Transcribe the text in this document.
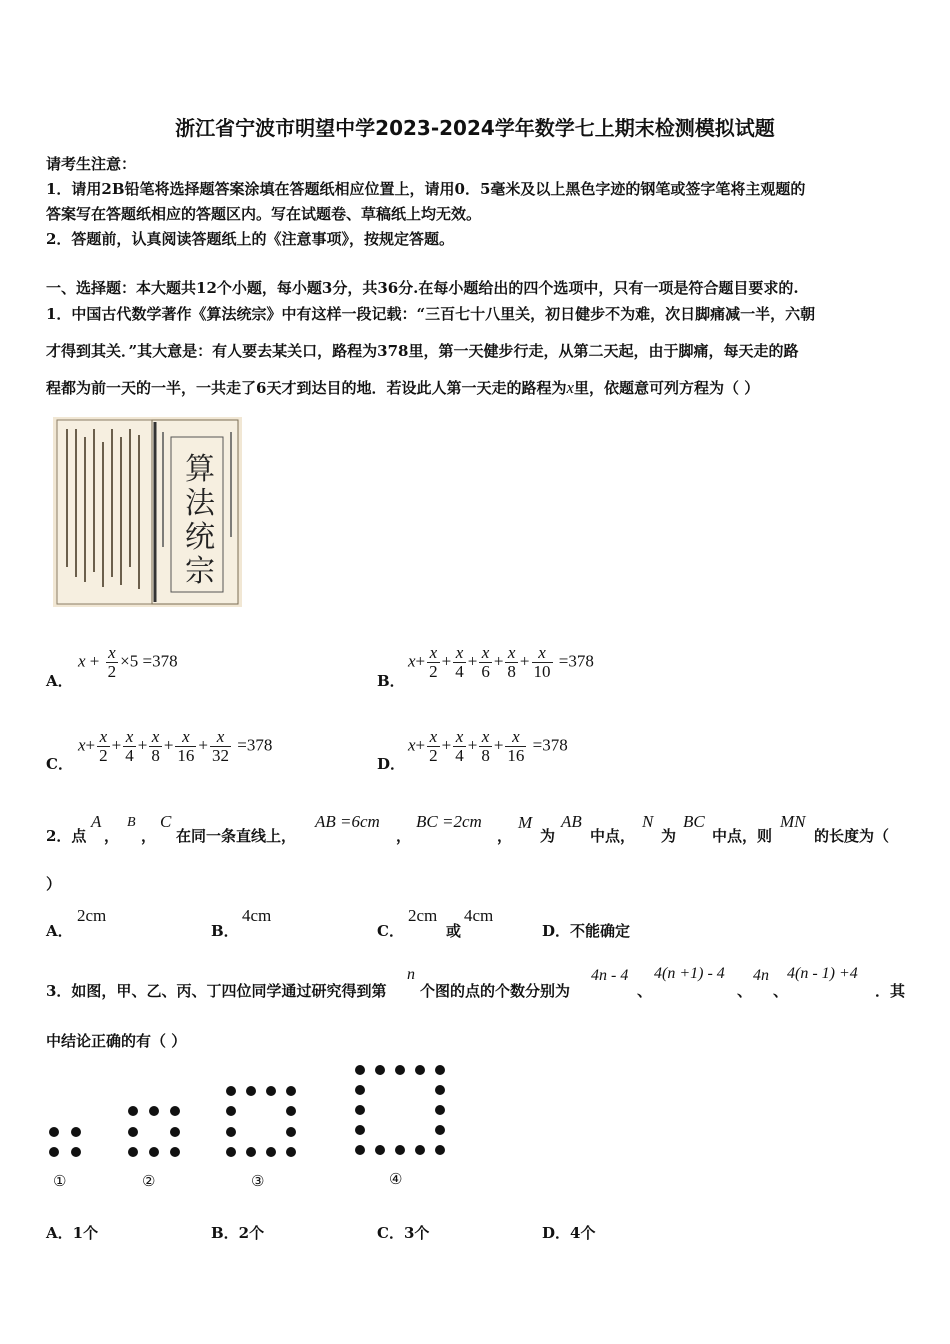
浙江省宁波市明望中学2023-2024学年数学七上期末检测模拟试题
请考生注意：
1．请用2B铅笔将选择题答案涂填在答题纸相应位置上，请用0．5毫米及以上黑色字迹的钢笔或签字笔将主观题的
答案写在答题纸相应的答题区内。写在试题卷、草稿纸上均无效。
2．答题前，认真阅读答题纸上的《注意事项》，按规定答题。
一、选择题：本大题共12个小题，每小题3分，共36分.在每小题给出的四个选项中，只有一项是符合题目要求的.
1．中国古代数学著作《算法统宗》中有这样一段记载：“三百七十八里关，初日健步不为难，次日脚痛减一半，六朝
才得到其关．”其大意是：有人要去某关口，路程为378里，第一天健步行走，从第二天起，由于脚痛，每天走的路
程都为前一天的一半，一共走了6天才到达目的地．若设此人第一天走的路程为x里，依题意可列方程为（ ）
算
法
统
宗
A．
$x + \frac{x}{2} \times 5 =378$
B．
$x+ \frac{x}{2} + \frac{x}{4} + \frac{x}{6} + \frac{x}{8} + \frac{x}{10} =378$
C．
$x+ \frac{x}{2} + \frac{x}{4} + \frac{x}{8} + \frac{x}{16} + \frac{x}{32} =378$
D．
$x+ \frac{x}{2} + \frac{x}{4} + \frac{x}{8} + \frac{x}{16} =378$
2．点
A
，
B
，
C
在同一条直线上，
AB =6cm
，
BC =2cm
，
M
为
AB
中点，
N
为
BC
中点，则
MN
的长度为（
）
A．
2cm
B．
4cm
C．
2cm
或
4cm
D．不能确定
3．如图，甲、乙、丙、丁四位同学通过研究得到第
n
个图的点的个数分别为
4n - 4
、
4(n +1) - 4
、
4n
、
4(n - 1) +4
．其
中结论正确的有（ ）
①	②	③	④
A．1个	B．2个	C．3个	D．4个
